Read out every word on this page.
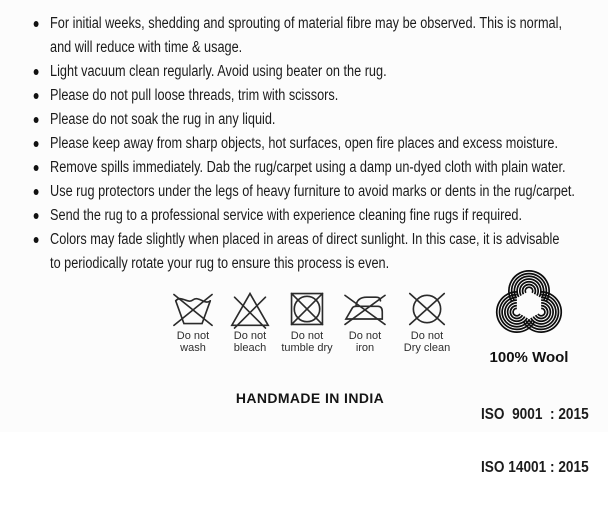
For initial weeks, shedding and sprouting of material fibre may be observed. This is normal,
and will reduce with time & usage.
Light vacuum clean regularly. Avoid using beater on the rug.
Please do not pull loose threads, trim with scissors.
Please do not soak the rug in any liquid.
Please keep away from sharp objects, hot surfaces, open fire places and excess moisture.
Remove spills immediately. Dab the rug/carpet using a damp un-dyed cloth with plain water.
Use rug protectors under the legs of heavy furniture to avoid marks or dents in the rug/carpet.
Send the rug to a professional service with experience cleaning fine rugs if required.
Colors may fade slightly when placed in areas of direct sunlight. In this case, it is advisable
to periodically rotate your rug to ensure this process is even.
Do not
wash
Do not
bleach
Do not
tumble dry
Do not
iron
Do not
Dry clean
100% Wool
HANDMADE IN INDIA

ISO  9001  : 2015

ISO 14001 : 2015
